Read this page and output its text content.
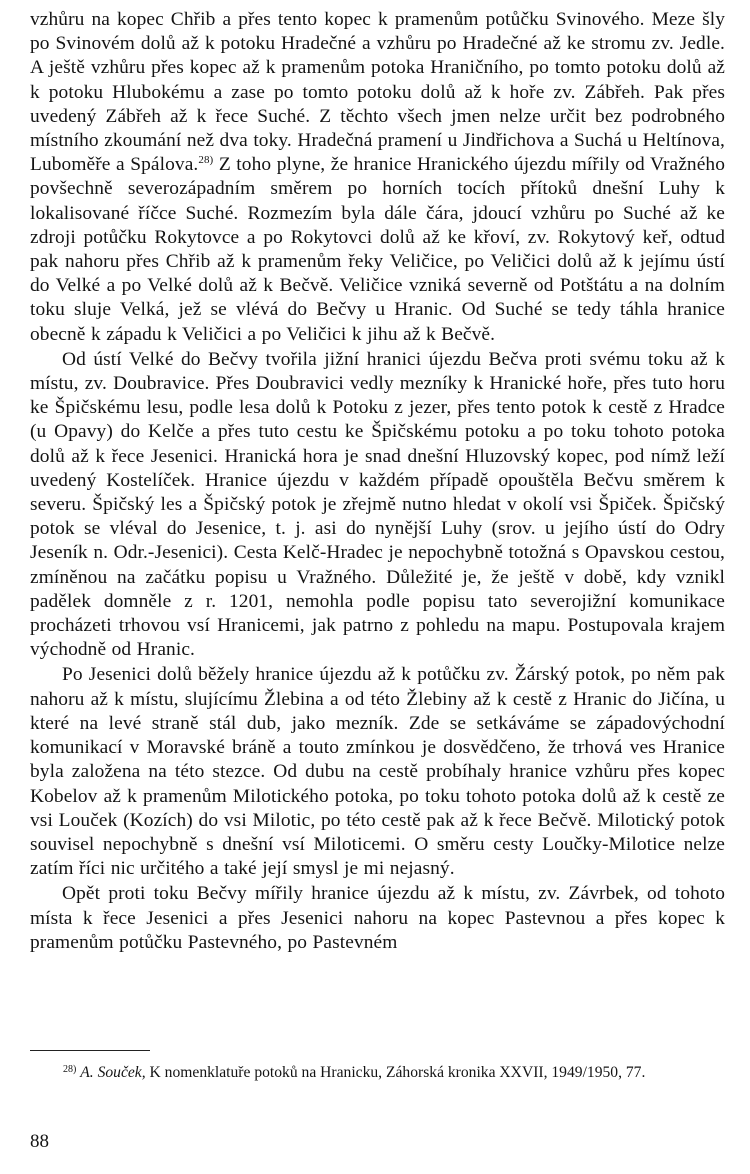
vzhůru na kopec Chřib a přes tento kopec k pramenům potůčku Svinového. Meze šly po Svinovém dolů až k potoku Hradečné a vzhůru po Hradečné až ke stromu zv. Jedle. A ještě vzhůru přes kopec až k pramenům potoka Hraničního, po tomto potoku dolů až k potoku Hlubokému a zase po tomto potoku dolů až k hoře zv. Zábřeh. Pak přes uvedený Zábřeh až k řece Suché. Z těchto všech jmen nelze určit bez podrobného místního zkoumání než dva toky. Hradečná pramení u Jindřichova a Suchá u Heltínova, Luboměře a Spálova.$^{28)}$ Z toho plyne, že hranice Hranického újezdu mířily od Vražného povšechně severozápadním směrem po horních tocích přítoků dnešní Luhy k lokalisované říčce Suché. Rozmezím byla dále čára, jdoucí vzhůru po Suché až ke zdroji potůčku Rokytovce a po Rokytovci dolů až ke křoví, zv. Rokytový keř, odtud pak nahoru přes Chřib až k pramenům řeky Veličice, po Veličici dolů až k jejímu ústí do Velké a po Velké dolů až k Bečvě. Veličice vzniká severně od Potštátu a na dolním toku sluje Velká, jež se vlévá do Bečvy u Hranic. Od Suché se tedy táhla hranice obecně k západu k Veličici a po Veličici k jihu až k Bečvě.

Od ústí Velké do Bečvy tvořila jižní hranici újezdu Bečva proti svému toku až k místu, zv. Doubravice. Přes Doubravici vedly mezníky k Hranické hoře, přes tuto horu ke Špičskému lesu, podle lesa dolů k Potoku z jezer, přes tento potok k cestě z Hradce (u Opavy) do Kelče a přes tuto cestu ke Špičskému potoku a po toku tohoto potoka dolů až k řece Jesenici. Hranická hora je snad dnešní Hluzovský kopec, pod nímž leží uvedený Kostelíček. Hranice újezdu v každém případě opouštěla Bečvu směrem k severu. Špičský les a Špičský potok je zřejmě nutno hledat v okolí vsi Špiček. Špičský potok se vléval do Jesenice, t. j. asi do nynější Luhy (srov. u jejího ústí do Odry Jeseník n. Odr.-Jesenici). Cesta Kelč-Hradec je nepochybně totožná s Opavskou cestou, zmíněnou na začátku popisu u Vražného. Důležité je, že ještě v době, kdy vznikl padělek domněle z r. 1201, nemohla podle popisu tato severojižní komunikace procházeti trhovou vsí Hranicemi, jak patrno z pohledu na mapu. Postupovala krajem východně od Hranic.

Po Jesenici dolů běžely hranice újezdu až k potůčku zv. Žárský potok, po něm pak nahoru až k místu, slujícímu Žlebina a od této Žlebiny až k cestě z Hranic do Jičína, u které na levé straně stál dub, jako mezník. Zde se setkáváme se západovýchodní komunikací v Moravské bráně a touto zmínkou je dosvědčeno, že trhová ves Hranice byla založena na této stezce. Od dubu na cestě probíhaly hranice vzhůru přes kopec Kobelov až k pramenům Milotického potoka, po toku tohoto potoka dolů až k cestě ze vsi Louček (Kozích) do vsi Milotic, po této cestě pak až k řece Bečvě. Milotický potok souvisel nepochybně s dnešní vsí Miloticemi. O směru cesty Loučky-Milotice nelze zatím říci nic určitého a také její smysl je mi nejasný.

Opět proti toku Bečvy mířily hranice újezdu až k místu, zv. Závrbek, od tohoto místa k řece Jesenici a přes Jesenici nahoru na kopec Pastevnou a přes kopec k pramenům potůčku Pastevného, po Pastevném

$^{28)}$ A. Souček, K nomenklatuře potoků na Hranicku, Záhorská kronika XXVII, 1949/1950, 77.

88
